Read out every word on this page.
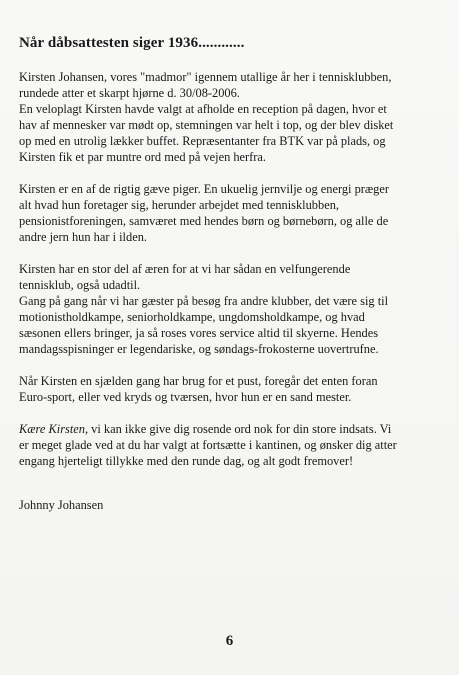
Når dåbsattesten siger 1936............
Kirsten Johansen, vores "madmor" igennem utallige år her i tennisklubben,
rundede atter et skarpt hjørne d. 30/08-2006.
En veloplagt Kirsten havde valgt at afholde en reception på dagen, hvor et
hav af mennesker var mødt op, stemningen var helt i top, og der blev disket
op med en utrolig lækker buffet. Repræsentanter fra BTK var på plads, og
Kirsten fik et par muntre ord med på vejen herfra.
Kirsten er en af de rigtig gæve piger. En ukuelig jernvilje og energi præger
alt hvad hun foretager sig, herunder arbejdet med tennisklubben,
pensionistforeningen, samværet med hendes børn og børnebørn, og alle de
andre jern hun har i ilden.
Kirsten har en stor del af æren for at vi har sådan en velfungerende
tennisklub, også udadtil.
Gang på gang når vi har gæster på besøg fra andre klubber, det være sig til
motionistholdkampe, seniorholdkampe, ungdomsholdkampe, og hvad
sæsonen ellers bringer, ja så roses vores service altid til skyerne. Hendes
mandagsspisninger er legendariske, og søndags-frokosterne uovertrufne.
Når Kirsten en sjælden gang har brug for et pust, foregår det enten foran
Euro-sport, eller ved kryds og tværsen, hvor hun er en sand mester.
Kære Kirsten, vi kan ikke give dig rosende ord nok for din store indsats. Vi
er meget glade ved at du har valgt at fortsætte i kantinen, og ønsker dig atter
engang hjerteligt tillykke med den runde dag, og alt godt fremover!
Johnny Johansen
6
